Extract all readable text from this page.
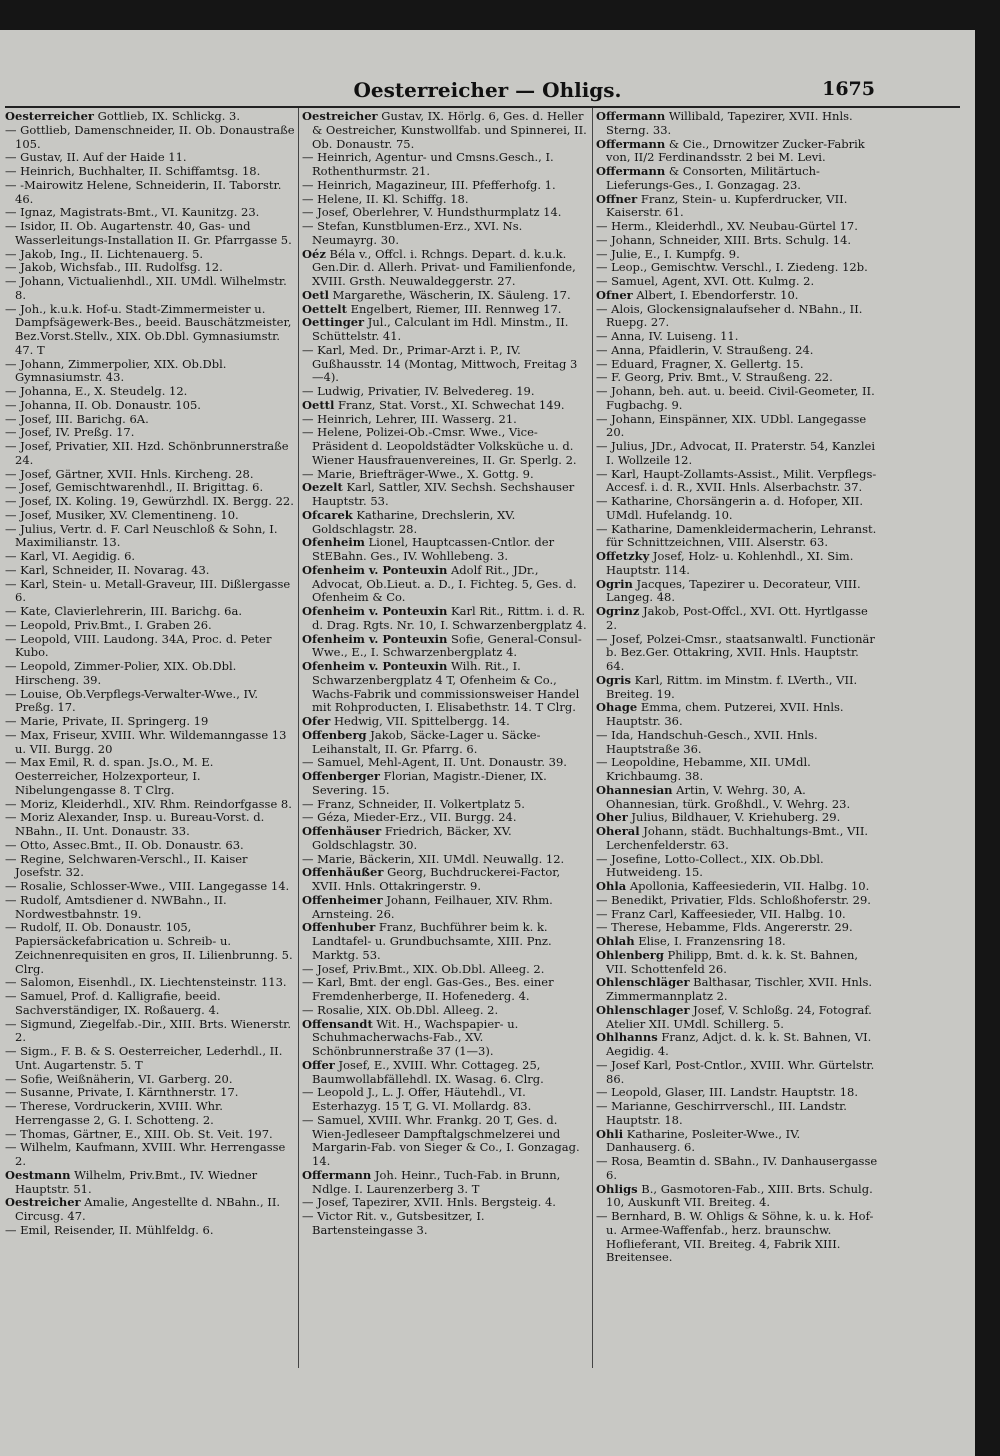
Oesterreicher — Ohligs.	1675
Oesterreicher Gottlieb, IX. Schlickg. 3.
— Gottlieb, Damenschneider, II. Ob. Donaustraße 105.
— Gustav, II. Auf der Haide 11.
— Heinrich, Buchhalter, II. Schiffamtsg. 18.
— -Mairowitz Helene, Schneiderin, II. Taborstr. 46.
— Ignaz, Magistrats-Bmt., VI. Kaunitzg. 23.
— Isidor, II. Ob. Augartenstr. 40, Gas- und Wasserleitungs-Installation II. Gr. Pfarrgasse 5.
— Jakob, Ing., II. Lichtenauerg. 5.
— Jakob, Wichsfab., III. Rudolfsg. 12.
— Johann, Victualienhdl., XII. UMdl. Wilhelmstr. 8.
— Joh., k.u.k. Hof-u. Stadt-Zimmermeister u. Dampfsägewerk-Bes., beeid. Bauschätzmeister, Bez.Vorst.Stellv., XIX. Ob.Dbl. Gymnasiumstr. 47. T
— Johann, Zimmerpolier, XIX. Ob.Dbl. Gymnasiumstr. 43.
— Johanna, E., X. Steudelg. 12.
— Johanna, II. Ob. Donaustr. 105.
— Josef, III. Barichg. 6A.
— Josef, IV. Preßg. 17.
— Josef, Privatier, XII. Hzd. Schönbrunnerstraße 24.
— Josef, Gärtner, XVII. Hnls. Kircheng. 28.
— Josef, Gemischtwarenhdl., II. Brigittag. 6.
— Josef, IX. Koling. 19, Gewürzhdl. IX. Bergg. 22.
— Josef, Musiker, XV. Clementineng. 10.
— Julius, Vertr. d. F. Carl Neuschloß & Sohn, I. Maximilianstr. 13.
— Karl, VI. Aegidig. 6.
— Karl, Schneider, II. Novarag. 43.
— Karl, Stein- u. Metall-Graveur, III. Dißlergasse 6.
— Kate, Clavierlehrerin, III. Barichg. 6a.
— Leopold, Priv.Bmt., I. Graben 26.
— Leopold, VIII. Laudong. 34A, Proc. d. Peter Kubo.
— Leopold, Zimmer-Polier, XIX. Ob.Dbl. Hirscheng. 39.
— Louise, Ob.Verpflegs-Verwalter-Wwe., IV. Preßg. 17.
— Marie, Private, II. Springerg. 19
— Max, Friseur, XVIII. Whr. Wildemanngasse 13 u. VII. Burgg. 20
— Max Emil, R. d. span. Js.O., M. E. Oesterreicher, Holzexporteur, I. Nibelungengasse 8. T Clrg.
— Moriz, Kleiderhdl., XIV. Rhm. Reindorfgasse 8.
— Moriz Alexander, Insp. u. Bureau-Vorst. d. NBahn., II. Unt. Donaustr. 33.
— Otto, Assec.Bmt., II. Ob. Donaustr. 63.
— Regine, Selchwaren-Verschl., II. Kaiser Josefstr. 32.
— Rosalie, Schlosser-Wwe., VIII. Langegasse 14.
— Rudolf, Amtsdiener d. NWBahn., II. Nordwestbahnstr. 19.
— Rudolf, II. Ob. Donaustr. 105, Papiersäckefabrication u. Schreib- u. Zeichnenrequisiten en gros, II. Lilienbrunng. 5. Clrg.
— Salomon, Eisenhdl., IX. Liechtensteinstr. 113.
— Samuel, Prof. d. Kalligrafie, beeid. Sachverständiger, IX. Roßauerg. 4.
— Sigmund, Ziegelfab.-Dir., XIII. Brts. Wienerstr. 2.
— Sigm., F. B. & S. Oesterreicher, Lederhdl., II. Unt. Augartenstr. 5. T
— Sofie, Weißnäherin, VI. Garberg. 20.
— Susanne, Private, I. Kärnthnerstr. 17.
— Therese, Vordruckerin, XVIII. Whr. Herrengasse 2, G. I. Schotteng. 2.
— Thomas, Gärtner, E., XIII. Ob. St. Veit. 197.
— Wilhelm, Kaufmann, XVIII. Whr. Herrengasse 2.
Oestmann Wilhelm, Priv.Bmt., IV. Wiedner Hauptstr. 51.
Oestreicher Amalie, Angestellte d. NBahn., II. Circusg. 47.
— Emil, Reisender, II. Mühlfeldg. 6.
Oestreicher Gustav, IX. Hörlg. 6, Ges. d. Heller & Oestreicher, Kunstwollfab. und Spinnerei, II. Ob. Donaustr. 75.
— Heinrich, Agentur- und Cmsns.Gesch., I. Rothenthurmstr. 21.
— Heinrich, Magazineur, III. Pfefferhofg. 1.
— Helene, II. Kl. Schiffg. 18.
— Josef, Oberlehrer, V. Hundsthurmplatz 14.
— Stefan, Kunstblumen-Erz., XVI. Ns. Neumayrg. 30.
Oéz Béla v., Offcl. i. Rchngs. Depart. d. k.u.k. Gen.Dir. d. Allerh. Privat- und Familienfonde, XVIII. Grsth. Neuwaldeggerstr. 27.
Oetl Margarethe, Wäscherin, IX. Säuleng. 17.
Oettelt Engelbert, Riemer, III. Rennweg 17.
Oettinger Jul., Calculant im Hdl. Minstm., II. Schüttelstr. 41.
— Karl, Med. Dr., Primar-Arzt i. P., IV. Gußhausstr. 14 (Montag, Mittwoch, Freitag 3—4).
— Ludwig, Privatier, IV. Belvedereg. 19.
Oettl Franz, Stat. Vorst., XI. Schwechat 149.
— Heinrich, Lehrer, III. Wasserg. 21.
— Helene, Polizei-Ob.-Cmsr. Wwe., Vice-Präsident d. Leopoldstädter Volksküche u. d. Wiener Hausfrauenvereines, II. Gr. Sperlg. 2.
— Marie, Briefträger-Wwe., X. Gottg. 9.
Oezelt Karl, Sattler, XIV. Sechsh. Sechshauser Hauptstr. 53.
Ofcarek Katharine, Drechslerin, XV. Goldschlagstr. 28.
Ofenheim Lionel, Hauptcassen-Cntlor. der StEBahn. Ges., IV. Wohllebeng. 3.
Ofenheim v. Ponteuxin Adolf Rit., JDr., Advocat, Ob.Lieut. a. D., I. Fichteg. 5, Ges. d. Ofenheim & Co.
Ofenheim v. Ponteuxin Karl Rit., Rittm. i. d. R. d. Drag. Rgts. Nr. 10, I. Schwarzenbergplatz 4.
Ofenheim v. Ponteuxin Sofie, General-Consul-Wwe., E., I. Schwarzenbergplatz 4.
Ofenheim v. Ponteuxin Wilh. Rit., I. Schwarzenbergplatz 4 T, Ofenheim & Co., Wachs-Fabrik und commissionsweiser Handel mit Rohproducten, I. Elisabethstr. 14. T Clrg.
Ofer Hedwig, VII. Spittelbergg. 14.
Offenberg Jakob, Säcke-Lager u. Säcke-Leihanstalt, II. Gr. Pfarrg. 6.
— Samuel, Mehl-Agent, II. Unt. Donaustr. 39.
Offenberger Florian, Magistr.-Diener, IX. Severing. 15.
— Franz, Schneider, II. Volkertplatz 5.
— Géza, Mieder-Erz., VII. Burgg. 24.
Offenhäuser Friedrich, Bäcker, XV. Goldschlagstr. 30.
— Marie, Bäckerin, XII. UMdl. Neuwallg. 12.
Offenhäußer Georg, Buchdruckerei-Factor, XVII. Hnls. Ottakringerstr. 9.
Offenheimer Johann, Feilhauer, XIV. Rhm. Arnsteing. 26.
Offenhuber Franz, Buchführer beim k. k. Landtafel- u. Grundbuchsamte, XIII. Pnz. Marktg. 53.
— Josef, Priv.Bmt., XIX. Ob.Dbl. Alleeg. 2.
— Karl, Bmt. der engl. Gas-Ges., Bes. einer Fremdenherberge, II. Hofenederg. 4.
— Rosalie, XIX. Ob.Dbl. Alleeg. 2.
Offensandt Wit. H., Wachspapier- u. Schuhmacherwachs-Fab., XV. Schönbrunnerstraße 37 (1—3).
Offer Josef, E., XVIII. Whr. Cottageg. 25, Baumwollabfällehdl. IX. Wasag. 6. Clrg.
— Leopold J., L. J. Offer, Häutehdl., VI. Esterhazyg. 15 T, G. VI. Mollardg. 83.
— Samuel, XVIII. Whr. Frankg. 20 T, Ges. d. Wien-Jedleseer Dampftalgschmelzerei und Margarin-Fab. von Sieger & Co., I. Gonzagag. 14.
Offermann Joh. Heinr., Tuch-Fab. in Brunn, Ndlge. I. Laurenzerberg 3. T
— Josef, Tapezirer, XVII. Hnls. Bergsteig. 4.
— Victor Rit. v., Gutsbesitzer, I. Bartensteingasse 3.
Offermann Willibald, Tapezirer, XVII. Hnls. Sterng. 33.
Offermann & Cie., Drnowitzer Zucker-Fabrik von, II/2 Ferdinandsstr. 2 bei M. Levi.
Offermann & Consorten, Militärtuch-Lieferungs-Ges., I. Gonzagag. 23.
Offner Franz, Stein- u. Kupferdrucker, VII. Kaiserstr. 61.
— Herm., Kleiderhdl., XV. Neubau-Gürtel 17.
— Johann, Schneider, XIII. Brts. Schulg. 14.
— Julie, E., I. Kumpfg. 9.
— Leop., Gemischtw. Verschl., I. Ziedeng. 12b.
— Samuel, Agent, XVI. Ott. Kulmg. 2.
Ofner Albert, I. Ebendorferstr. 10.
— Alois, Glockensignalaufseher d. NBahn., II. Ruepg. 27.
— Anna, IV. Luiseng. 11.
— Anna, Pfaidlerin, V. Straußeng. 24.
— Eduard, Fragner, X. Gellertg. 15.
— F. Georg, Priv. Bmt., V. Straußeng. 22.
— Johann, beh. aut. u. beeid. Civil-Geometer, II. Fugbachg. 9.
— Johann, Einspänner, XIX. UDbl. Langegasse 20.
— Julius, JDr., Advocat, II. Praterstr. 54, Kanzlei I. Wollzeile 12.
— Karl, Haupt-Zollamts-Assist., Milit. Verpflegs-Accesf. i. d. R., XVII. Hnls. Alserbachstr. 37.
— Katharine, Chorsängerin a. d. Hofoper, XII. UMdl. Hufelandg. 10.
— Katharine, Damenkleidermacherin, Lehranst. für Schnittzeichnen, VIII. Alserstr. 63.
Offetzky Josef, Holz- u. Kohlenhdl., XI. Sim. Hauptstr. 114.
Ogrin Jacques, Tapezirer u. Decorateur, VIII. Langeg. 48.
Ogrinz Jakob, Post-Offcl., XVI. Ott. Hyrtlgasse 2.
— Josef, Polzei-Cmsr., staatsanwaltl. Functionär b. Bez.Ger. Ottakring, XVII. Hnls. Hauptstr. 64.
Ogris Karl, Rittm. im Minstm. f. LVerth., VII. Breiteg. 19.
Ohage Emma, chem. Putzerei, XVII. Hnls. Hauptstr. 36.
— Ida, Handschuh-Gesch., XVII. Hnls. Hauptstraße 36.
— Leopoldine, Hebamme, XII. UMdl. Krichbaumg. 38.
Ohannesian Artin, V. Wehrg. 30, A. Ohannesian, türk. Großhdl., V. Wehrg. 23.
Oher Julius, Bildhauer, V. Kriehuberg. 29.
Oheral Johann, städt. Buchhaltungs-Bmt., VII. Lerchenfelderstr. 63.
— Josefine, Lotto-Collect., XIX. Ob.Dbl. Hutweideng. 15.
Ohla Apollonia, Kaffeesiederin, VII. Halbg. 10.
— Benedikt, Privatier, Flds. Schloßhoferstr. 29.
— Franz Carl, Kaffeesieder, VII. Halbg. 10.
— Therese, Hebamme, Flds. Angererstr. 29.
Ohlah Elise, I. Franzensring 18.
Ohlenberg Philipp, Bmt. d. k. k. St. Bahnen, VII. Schottenfeld 26.
Ohlenschläger Balthasar, Tischler, XVII. Hnls. Zimmermannplatz 2.
Ohlenschlager Josef, V. Schloßg. 24, Fotograf. Atelier XII. UMdl. Schillerg. 5.
Ohlhanns Franz, Adjct. d. k. k. St. Bahnen, VI. Aegidig. 4.
— Josef Karl, Post-Cntlor., XVIII. Whr. Gürtelstr. 86.
— Leopold, Glaser, III. Landstr. Hauptstr. 18.
— Marianne, Geschirrverschl., III. Landstr. Hauptstr. 18.
Ohli Katharine, Posleiter-Wwe., IV. Danhauserg. 6.
— Rosa, Beamtin d. SBahn., IV. Danhausergasse 6.
Ohligs B., Gasmotoren-Fab., XIII. Brts. Schulg. 10, Auskunft VII. Breiteg. 4.
— Bernhard, B. W. Ohligs & Söhne, k. u. k. Hof- u. Armee-Waffenfab., herz. braunschw. Hoflieferant, VII. Breiteg. 4, Fabrik XIII. Breitensee.
